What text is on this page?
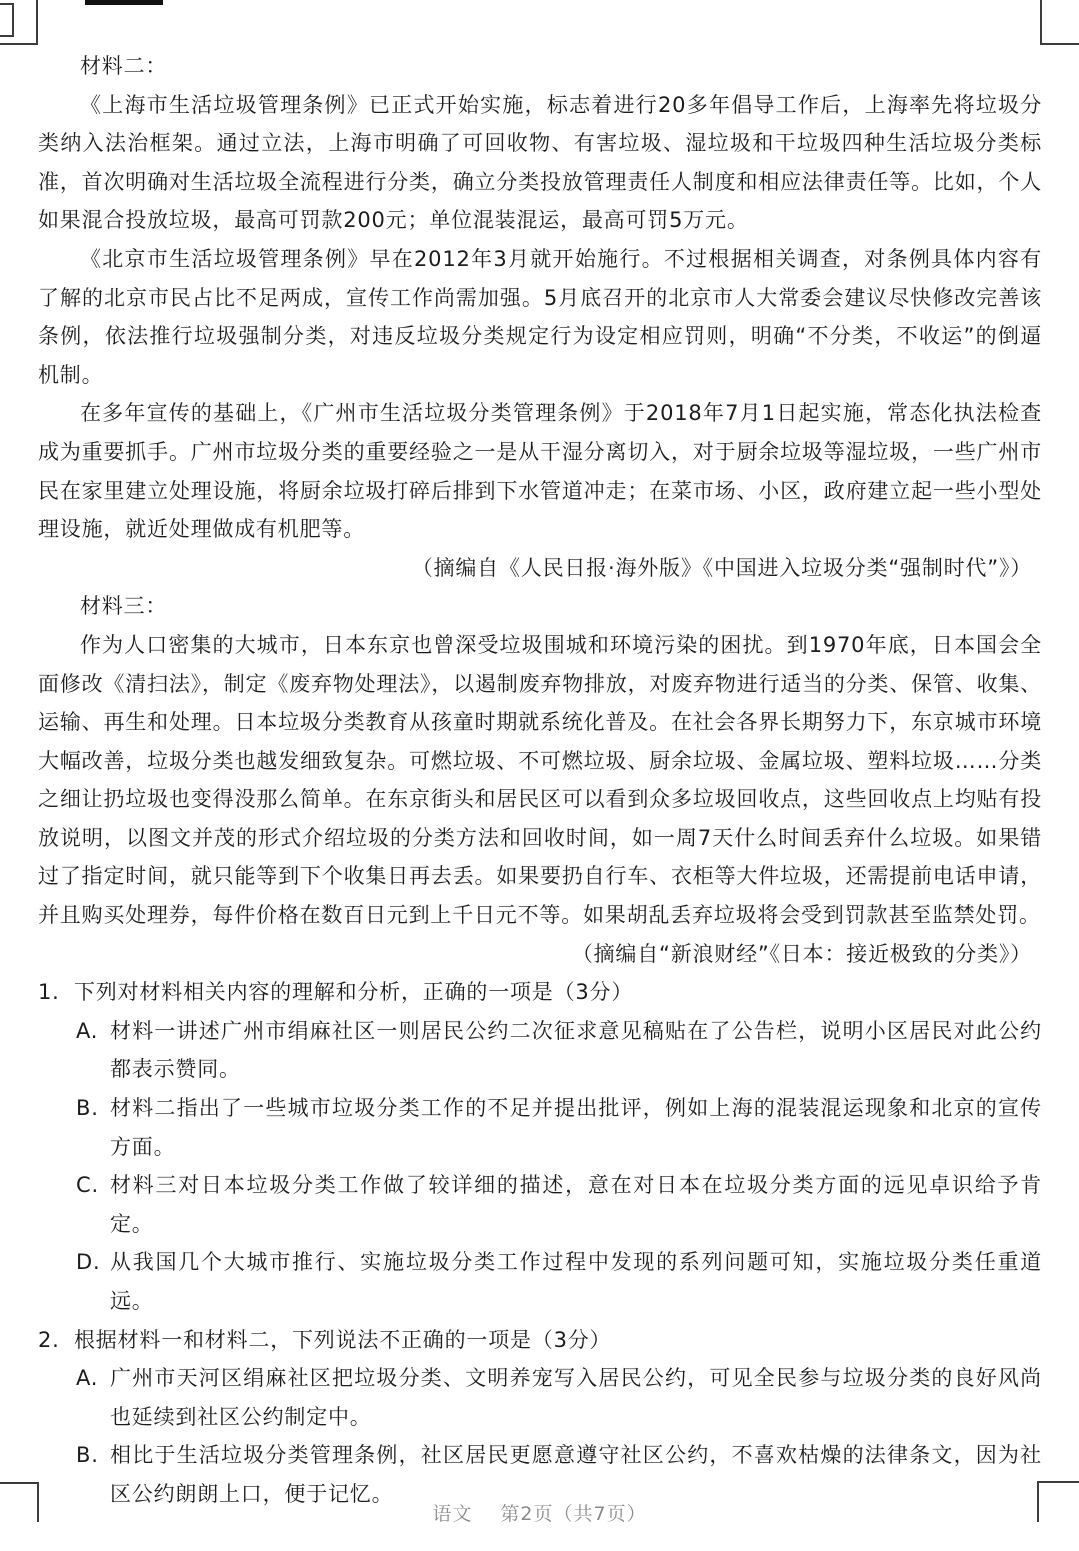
材料二：

《上海市生活垃圾管理条例》已正式开始实施，标志着进行20多年倡导工作后，上海率先将垃圾分类纳入法治框架。通过立法，上海市明确了可回收物、有害垃圾、湿垃圾和干垃圾四种生活垃圾分类标准，首次明确对生活垃圾全流程进行分类，确立分类投放管理责任人制度和相应法律责任等。比如，个人如果混合投放垃圾，最高可罚款200元；单位混装混运，最高可罚5万元。

《北京市生活垃圾管理条例》早在2012年3月就开始施行。不过根据相关调查，对条例具体内容有了解的北京市民占比不足两成，宣传工作尚需加强。5月底召开的北京市人大常委会建议尽快修改完善该条例，依法推行垃圾强制分类，对违反垃圾分类规定行为设定相应罚则，明确“不分类，不收运”的倒逼机制。

在多年宣传的基础上，《广州市生活垃圾分类管理条例》于2018年7月1日起实施，常态化执法检查成为重要抓手。广州市垃圾分类的重要经验之一是从干湿分离切入，对于厨余垃圾等湿垃圾，一些广州市民在家里建立处理设施，将厨余垃圾打碎后排到下水管道冲走；在菜市场、小区，政府建立起一些小型处理设施，就近处理做成有机肥等。

（摘编自《人民日报·海外版》《中国进入垃圾分类“强制时代”》）

材料三：

作为人口密集的大城市，日本东京也曾深受垃圾围城和环境污染的困扰。到1970年底，日本国会全面修改《清扫法》，制定《废弃物处理法》，以遏制废弃物排放，对废弃物进行适当的分类、保管、收集、运输、再生和处理。日本垃圾分类教育从孩童时期就系统化普及。在社会各界长期努力下，东京城市环境大幅改善，垃圾分类也越发细致复杂。可燃垃圾、不可燃垃圾、厨余垃圾、金属垃圾、塑料垃圾……分类之细让扔垃圾也变得没那么简单。在东京街头和居民区可以看到众多垃圾回收点，这些回收点上均贴有投放说明，以图文并茂的形式介绍垃圾的分类方法和回收时间，如一周7天什么时间丢弃什么垃圾。如果错过了指定时间，就只能等到下个收集日再去丢。如果要扔自行车、衣柜等大件垃圾，还需提前电话申请，并且购买处理券，每件价格在数百日元到上千日元不等。如果胡乱丢弃垃圾将会受到罚款甚至监禁处罚。

（摘编自“新浪财经”《日本：接近极致的分类》）

1. 下列对材料相关内容的理解和分析，正确的一项是（3分）
A. 材料一讲述广州市绢麻社区一则居民公约二次征求意见稿贴在了公告栏，说明小区居民对此公约都表示赞同。
B. 材料二指出了一些城市垃圾分类工作的不足并提出批评，例如上海的混装混运现象和北京的宣传方面。
C. 材料三对日本垃圾分类工作做了较详细的描述，意在对日本在垃圾分类方面的远见卓识给予肯定。
D. 从我国几个大城市推行、实施垃圾分类工作过程中发现的系列问题可知，实施垃圾分类任重道远。
2. 根据材料一和材料二，下列说法不正确的一项是（3分）
A. 广州市天河区绢麻社区把垃圾分类、文明养宠写入居民公约，可见全民参与垃圾分类的良好风尚也延续到社区公约制定中。
B. 相比于生活垃圾分类管理条例，社区居民更愿意遵守社区公约，不喜欢枯燥的法律条文，因为社区公约朗朗上口，便于记忆。
语文 第2页（共7页）
